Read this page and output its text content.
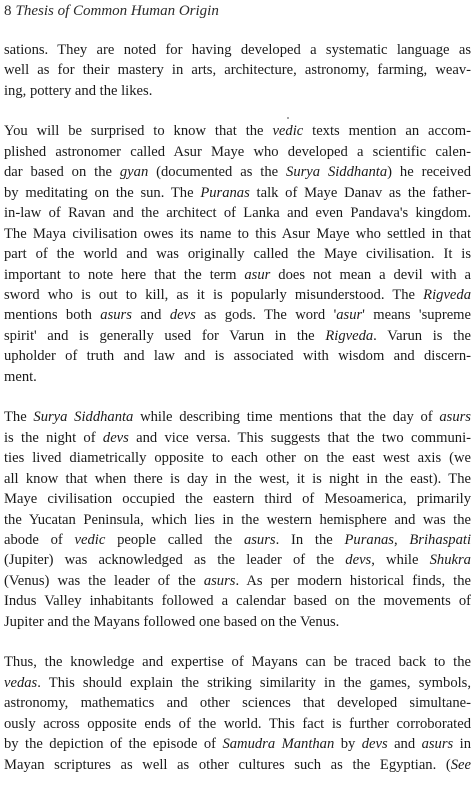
8 Thesis of Common Human Origin
sations. They are noted for having developed a systematic language as
well as for their mastery in arts, architecture, astronomy, farming, weav-
ing, pottery and the likes.
You will be surprised to know that the vedic texts mention an accom-
plished astronomer called Asur Maye who developed a scientific calen-
dar based on the gyan (documented as the Surya Siddhanta) he received
by meditating on the sun. The Puranas talk of Maye Danav as the father-
in-law of Ravan and the architect of Lanka and even Pandava's kingdom.
The Maya civilisation owes its name to this Asur Maye who settled in that
part of the world and was originally called the Maye civilisation. It is
important to note here that the term asur does not mean a devil with a
sword who is out to kill, as it is popularly misunderstood. The Rigveda
mentions both asurs and devs as gods. The word 'asur' means 'supreme
spirit' and is generally used for Varun in the Rigveda. Varun is the
upholder of truth and law and is associated with wisdom and discern-
ment.
The Surya Siddhanta while describing time mentions that the day of asurs
is the night of devs and vice versa. This suggests that the two communi-
ties lived diametrically opposite to each other on the east west axis (we
all know that when there is day in the west, it is night in the east). The
Maye civilisation occupied the eastern third of Mesoamerica, primarily
the Yucatan Peninsula, which lies in the western hemisphere and was the
abode of vedic people called the asurs. In the Puranas, Brihaspati
(Jupiter) was acknowledged as the leader of the devs, while Shukra
(Venus) was the leader of the asurs. As per modern historical finds, the
Indus Valley inhabitants followed a calendar based on the movements of
Jupiter and the Mayans followed one based on the Venus.
Thus, the knowledge and expertise of Mayans can be traced back to the
vedas. This should explain the striking similarity in the games, symbols,
astronomy, mathematics and other sciences that developed simultane-
ously across opposite ends of the world. This fact is further corroborated
by the depiction of the episode of Samudra Manthan by devs and asurs in
Mayan scriptures as well as other cultures such as the Egyptian. (See
